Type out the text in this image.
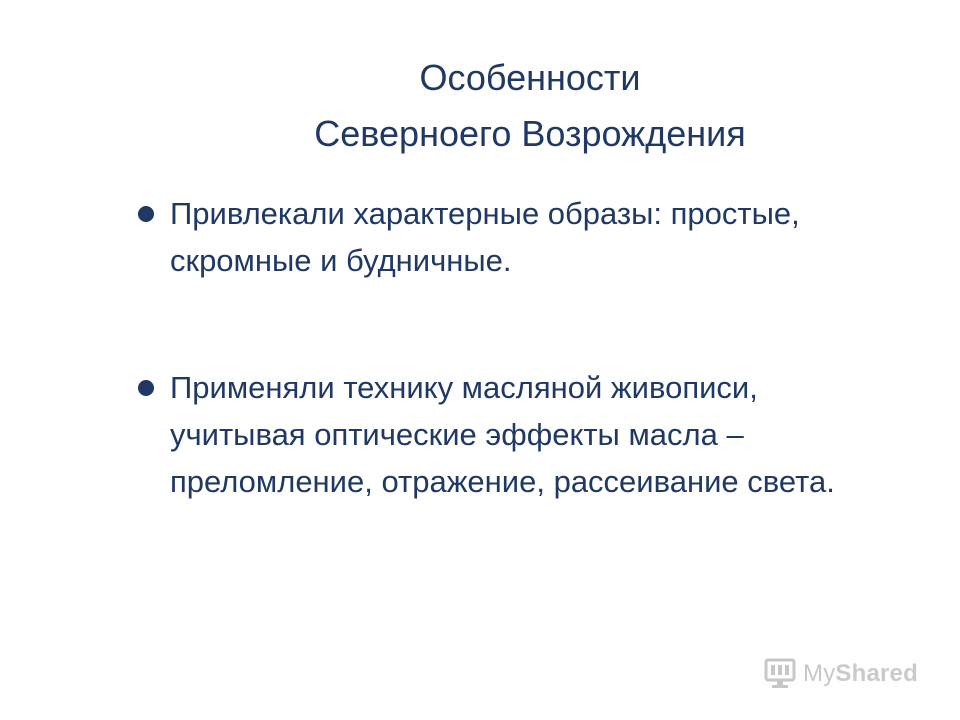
Особенности
Северноего Возрождения
Привлекали характерные образы: простые, скромные и будничные.
Применяли технику масляной живописи, учитывая оптические эффекты масла – преломление, отражение, рассеивание света.
MyShared
